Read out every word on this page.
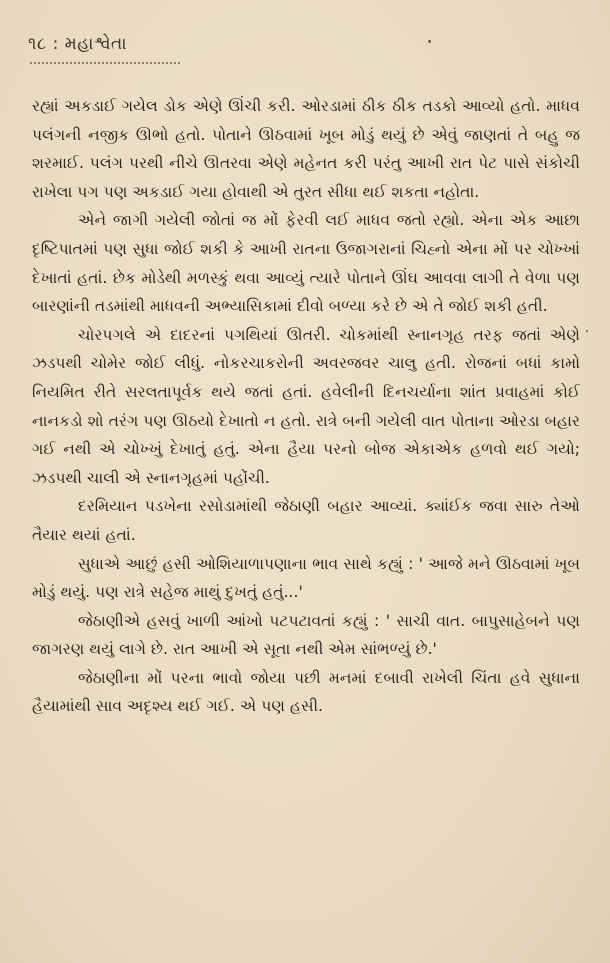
૧૮ : મહાશ્વેતા

રહ્યાં અકડાઈ ગયેલ ડોક એણે ઊંચી કરી. ઓરડામાં ઠીક ઠીક તડકો આવ્યો હતો. માધવ પલંગની નજીક ઊભો હતો. પોતાને ઊઠવામાં ખૂબ મોડું થયું છે એવું જાણતાં તે બહુ જ શરમાઈ. પલંગ પરથી નીચે ઊતરવા એણે મહેનત કરી પરંતુ આખી રાત પેટ પાસે સંકોચી રાખેલા પગ પણ અકડાઈ ગયા હોવાથી એ તુરત સીધા થઈ શકતા નહોતા.

એને જાગી ગયેલી જોતાં જ મોં ફેરવી લઈ માધવ જતો રહ્યો. એના એક આછા દૃષ્ટિપાતમાં પણ સુધા જોઈ શકી કે આખી રાતના ઉજાગરાનાં ચિહ્નો એના મોં પર ચોખ્ખાં દેખાતાં હતાં. છેક મોડેથી મળસ્કું થવા આવ્યું ત્યારે પોતાને ઊંઘ આવવા લાગી તે વેળા પણ બારણાંની તડમાંથી માધવની અભ્યાસિકામાં દીવો બળ્યા કરે છે એ તે જોઈ શકી હતી.

ચોરપગલે એ દાદરનાં પગથિયાં ઊતરી. ચોકમાંથી સ્નાનગૃહ તરફ જતાં એણે ઝડપથી ચોમેર જોઈ લીધું. નોકરચાકરોની અવરજવર ચાલુ હતી. રોજનાં બધાં કામો નિયમિત રીતે સરલતાપૂર્વક થયે જતાં હતાં. હવેલીની દિનચર્યાના શાંત પ્રવાહમાં કોઈ નાનકડો શો તરંગ પણ ઊઠયો દેખાતો ન હતો. રાત્રે બની ગયેલી વાત પોતાના ઓરડા બહાર ગઈ નથી એ ચોખ્ખું દેખાતું હતું. એના હૈયા પરનો બોજ એકાએક હળવો થઈ ગયો; ઝડપથી ચાલી એ સ્નાનગૃહમાં પહોંચી.

દરમિયાન પડખેના રસોડામાંથી જેઠાણી બહાર આવ્યાં. ક્યાંઈક જવા સારુ તેઓ તૈયાર થયાં હતાં.

સુધાએ આછું હસી ઓશિયાળાપણાના ભાવ સાથે કહ્યું : ' આજે મને ઊઠવામાં ખૂબ મોડું થયું. પણ રાત્રે સહેજ માથું દુખતું હતું...'

જેઠાણીએ હસવું ખાળી આંખો પટપટાવતાં કહ્યું : ' સાચી વાત. બાપુસાહેબને પણ જાગરણ થયું લાગે છે. રાત આખી એ સૂતા નથી એમ સાંભળ્યું છે.'

જેઠાણીના મોં પરના ભાવો જોયા પછી મનમાં દબાવી રાખેલી ચિંતા હવે સુધાના હૈયામાંથી સાવ અદૃશ્ય થઈ ગઈ. એ પણ હસી.
